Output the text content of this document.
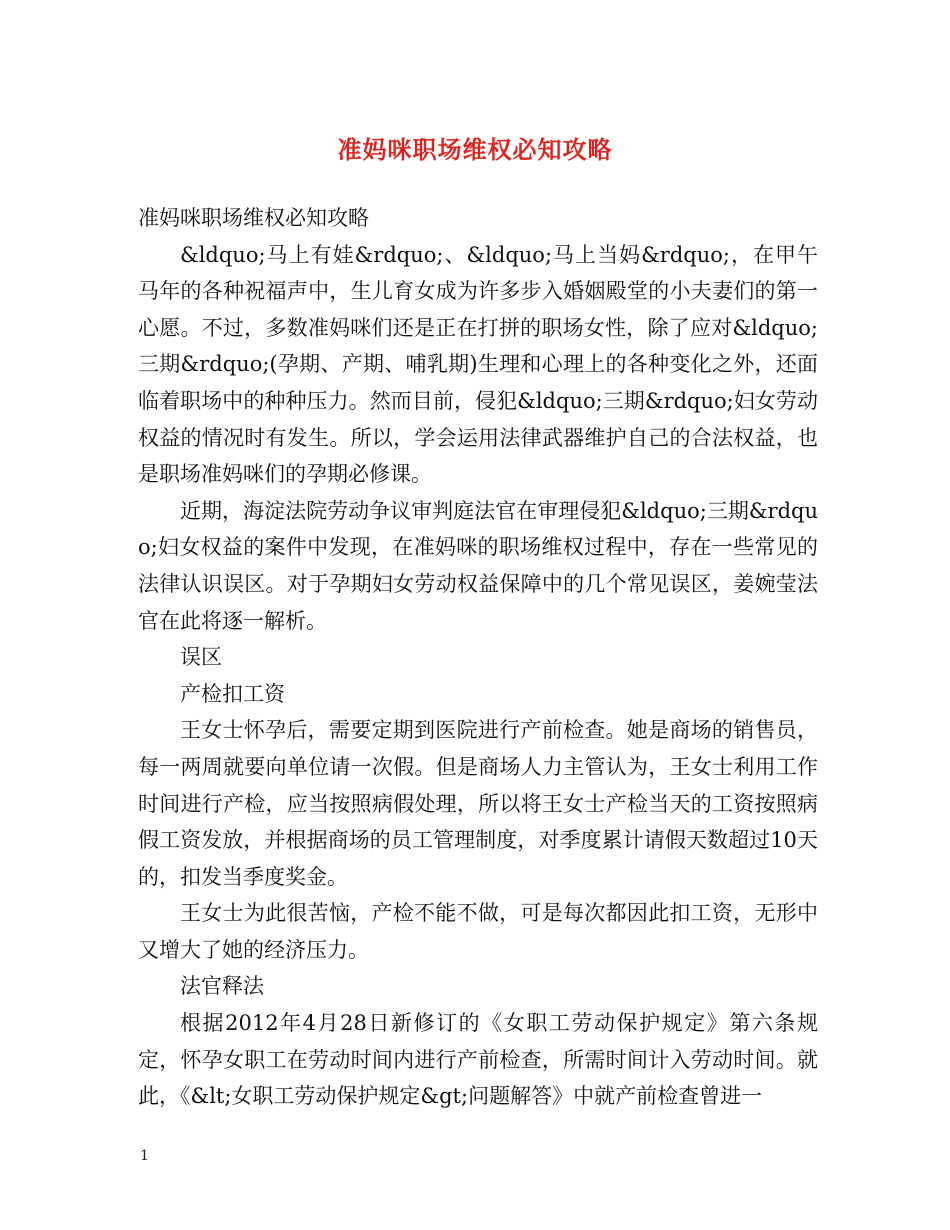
准妈咪职场维权必知攻略

准妈咪职场维权必知攻略

&ldquo;马上有娃&rdquo;、&ldquo;马上当妈&rdquo;，在甲午马年的各种祝福声中，生儿育女成为许多步入婚姻殿堂的小夫妻们的第一心愿。不过，多数准妈咪们还是正在打拼的职场女性，除了应对&ldquo;三期&rdquo;(孕期、产期、哺乳期)生理和心理上的各种变化之外，还面临着职场中的种种压力。然而目前，侵犯&ldquo;三期&rdquo;妇女劳动权益的情况时有发生。所以，学会运用法律武器维护自己的合法权益，也是职场准妈咪们的孕期必修课。

近期，海淀法院劳动争议审判庭法官在审理侵犯&ldquo;三期&rdquo;妇女权益的案件中发现，在准妈咪的职场维权过程中，存在一些常见的法律认识误区。对于孕期妇女劳动权益保障中的几个常见误区，姜婉莹法官在此将逐一解析。

误区

产检扣工资

王女士怀孕后，需要定期到医院进行产前检查。她是商场的销售员，每一两周就要向单位请一次假。但是商场人力主管认为，王女士利用工作时间进行产检，应当按照病假处理，所以将王女士产检当天的工资按照病假工资发放，并根据商场的员工管理制度，对季度累计请假天数超过10天的，扣发当季度奖金。

王女士为此很苦恼，产检不能不做，可是每次都因此扣工资，无形中又增大了她的经济压力。

法官释法

根据2012年4月28日新修订的《女职工劳动保护规定》第六条规定，怀孕女职工在劳动时间内进行产前检查，所需时间计入劳动时间。就此，《&lt;女职工劳动保护规定&gt;问题解答》中就产前检查曾进一

1
